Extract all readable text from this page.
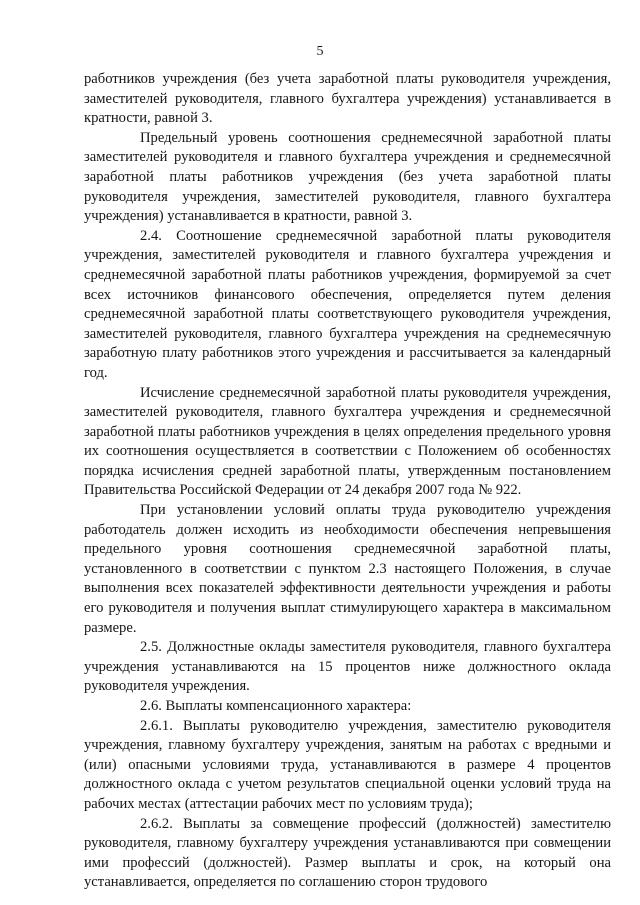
5

работников учреждения (без учета заработной платы руководителя учреждения, заместителей руководителя, главного бухгалтера учреждения) устанавливается в кратности, равной 3.

Предельный уровень соотношения среднемесячной заработной платы заместителей руководителя и главного бухгалтера учреждения и среднемесячной заработной платы работников учреждения (без учета заработной платы руководителя учреждения, заместителей руководителя, главного бухгалтера учреждения) устанавливается в кратности, равной 3.

2.4. Соотношение среднемесячной заработной платы руководителя учреждения, заместителей руководителя и главного бухгалтера учреждения и среднемесячной заработной платы работников учреждения, формируемой за счет всех источников финансового обеспечения, определяется путем деления среднемесячной заработной платы соответствующего руководителя учреждения, заместителей руководителя, главного бухгалтера учреждения на среднемесячную заработную плату работников этого учреждения и рассчитывается за календарный год.

Исчисление среднемесячной заработной платы руководителя учреждения, заместителей руководителя, главного бухгалтера учреждения и среднемесячной заработной платы работников учреждения в целях определения предельного уровня их соотношения осуществляется в соответствии с Положением об особенностях порядка исчисления средней заработной платы, утвержденным постановлением Правительства Российской Федерации от 24 декабря 2007 года № 922.

При установлении условий оплаты труда руководителю учреждения работодатель должен исходить из необходимости обеспечения непревышения предельного уровня соотношения среднемесячной заработной платы, установленного в соответствии с пунктом 2.3 настоящего Положения, в случае выполнения всех показателей эффективности деятельности учреждения и работы его руководителя и получения выплат стимулирующего характера в максимальном размере.

2.5. Должностные оклады заместителя руководителя, главного бухгалтера учреждения устанавливаются на 15 процентов ниже должностного оклада руководителя учреждения.

2.6. Выплаты компенсационного характера:

2.6.1. Выплаты руководителю учреждения, заместителю руководителя учреждения, главному бухгалтеру учреждения, занятым на работах с вредными и (или) опасными условиями труда, устанавливаются в размере 4 процентов должностного оклада с учетом результатов специальной оценки условий труда на рабочих местах (аттестации рабочих мест по условиям труда);

2.6.2. Выплаты за совмещение профессий (должностей) заместителю руководителя, главному бухгалтеру учреждения устанавливаются при совмещении ими профессий (должностей). Размер выплаты и срок, на который она устанавливается, определяется по соглашению сторон трудового
